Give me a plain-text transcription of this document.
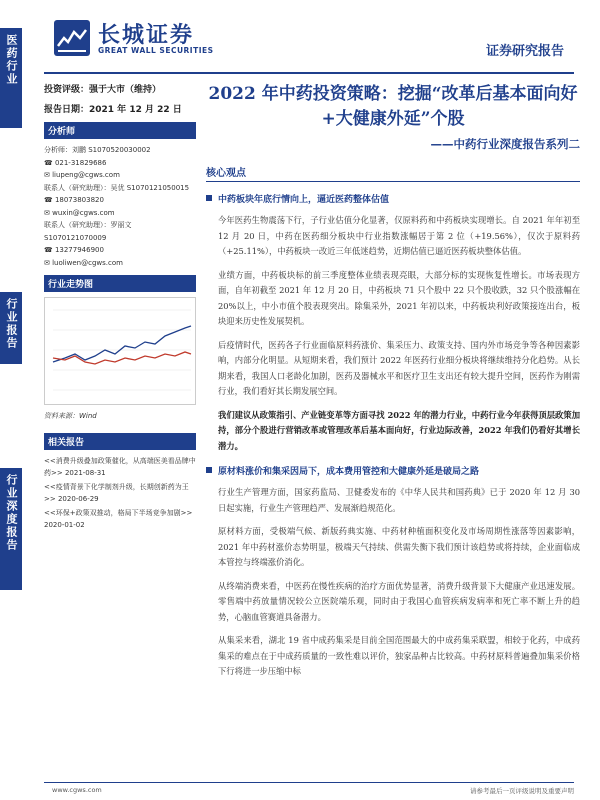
医药行业
行业报告
行业深度报告
长城证券
GREAT WALL SECURITIES	证券研究报告
投资评级：强于大市（维持）
报告日期：2021 年 12 月 22 日
分析师
分析师：刘鹏 S1070520030002
☎ 021-31829686
✉ liupeng@cgws.com
联系人（研究助理）：吴优 S1070121050015
☎ 18073803820
✉ wuxin@cgws.com
联系人（研究助理）：罗丽文
S1070121070009
☎ 13277946900
✉ luoliwen@cgws.com
行业走势图
资料来源：Wind
相关报告
<<消费升级叠加政策催化，从高端医美看品牌中药>> 2021-08-31
<<疫情背景下化学制剂升级，长期创新药为王>> 2020-06-29
<<环保+政策双推动，格局下半场竞争加剧>> 2020-01-02
2022 年中药投资策略：挖掘“改革后基本面向好+大健康外延”个股
——中药行业深度报告系列二
核心观点
中药板块年底行情向上，逼近医药整体估值
今年医药生物震荡下行，子行业估值分化显著，仅原料药和中药板块实现增长。自 2021 年年初至 12 月 20 日，中药在医药细分板块中行业指数涨幅居于第 2 位（+19.56%），仅次于原料药（+25.11%），中药板块一改近三年低迷趋势，近期估值已逼近医药板块整体估值。
业绩方面，中药板块标的前三季度整体业绩表现亮眼，大部分标的实现恢复性增长。市场表现方面，自年初截至 2021 年 12 月 20 日，中药板块 71 只个股中 22 只个股收跌，32 只个股涨幅在 20%以上，中小市值个股表现突出。除集采外，2021 年初以来，中药板块利好政策接连出台，板块迎来历史性发展契机。
后疫情时代，医药各子行业面临原料药涨价、集采压力、政策支持、国内外市场竞争等各种因素影响，内部分化明显。从短期来看，我们预计 2022 年医药行业细分板块将继续维持分化趋势。从长期来看，我国人口老龄化加剧，医药及器械水平和医疗卫生支出还有较大提升空间，医药作为刚需行业，我们看好其长期发展空间。
我们建议从政策指引、产业链变革等方面寻找 2022 年的潜力行业，中药行业今年获得顶层政策加持，部分个股进行营销改革或管理改革后基本面向好，行业边际改善，2022 年我们仍看好其增长潜力。
原材料涨价和集采因局下，成本费用管控和大健康外延是破局之路
行业生产管理方面，国家药监局、卫健委发布的《中华人民共和国药典》已于 2020 年 12 月 30 日起实施，行业生产管理趋严、发展渐趋规范化。
原材料方面，受极端气候、新版药典实施、中药材种植面积变化及市场周期性涨落等因素影响，2021 年中药材涨价态势明显，极端天气持续、供需失衡下我们预计该趋势或将持续，企业面临成本管控与终端涨价消化。
从终端消费来看，中医药在慢性疾病的治疗方面优势显著，消费升级背景下大健康产业迅速发展。零售端中药放量情况较公立医院端乐观，同时由于我国心血管疾病发病率和死亡率不断上升的趋势，心脑血管赛道具备潜力。
从集采来看，湖北 19 省中成药集采是目前全国范围最大的中成药集采联盟，相较于化药，中成药集采的难点在于中成药质量的一致性难以评价，独家品种占比较高。中药材原料普遍叠加集采价格下行将进一步压缩中标
www.cgws.com	请参考最后一页评级说明及重要声明
